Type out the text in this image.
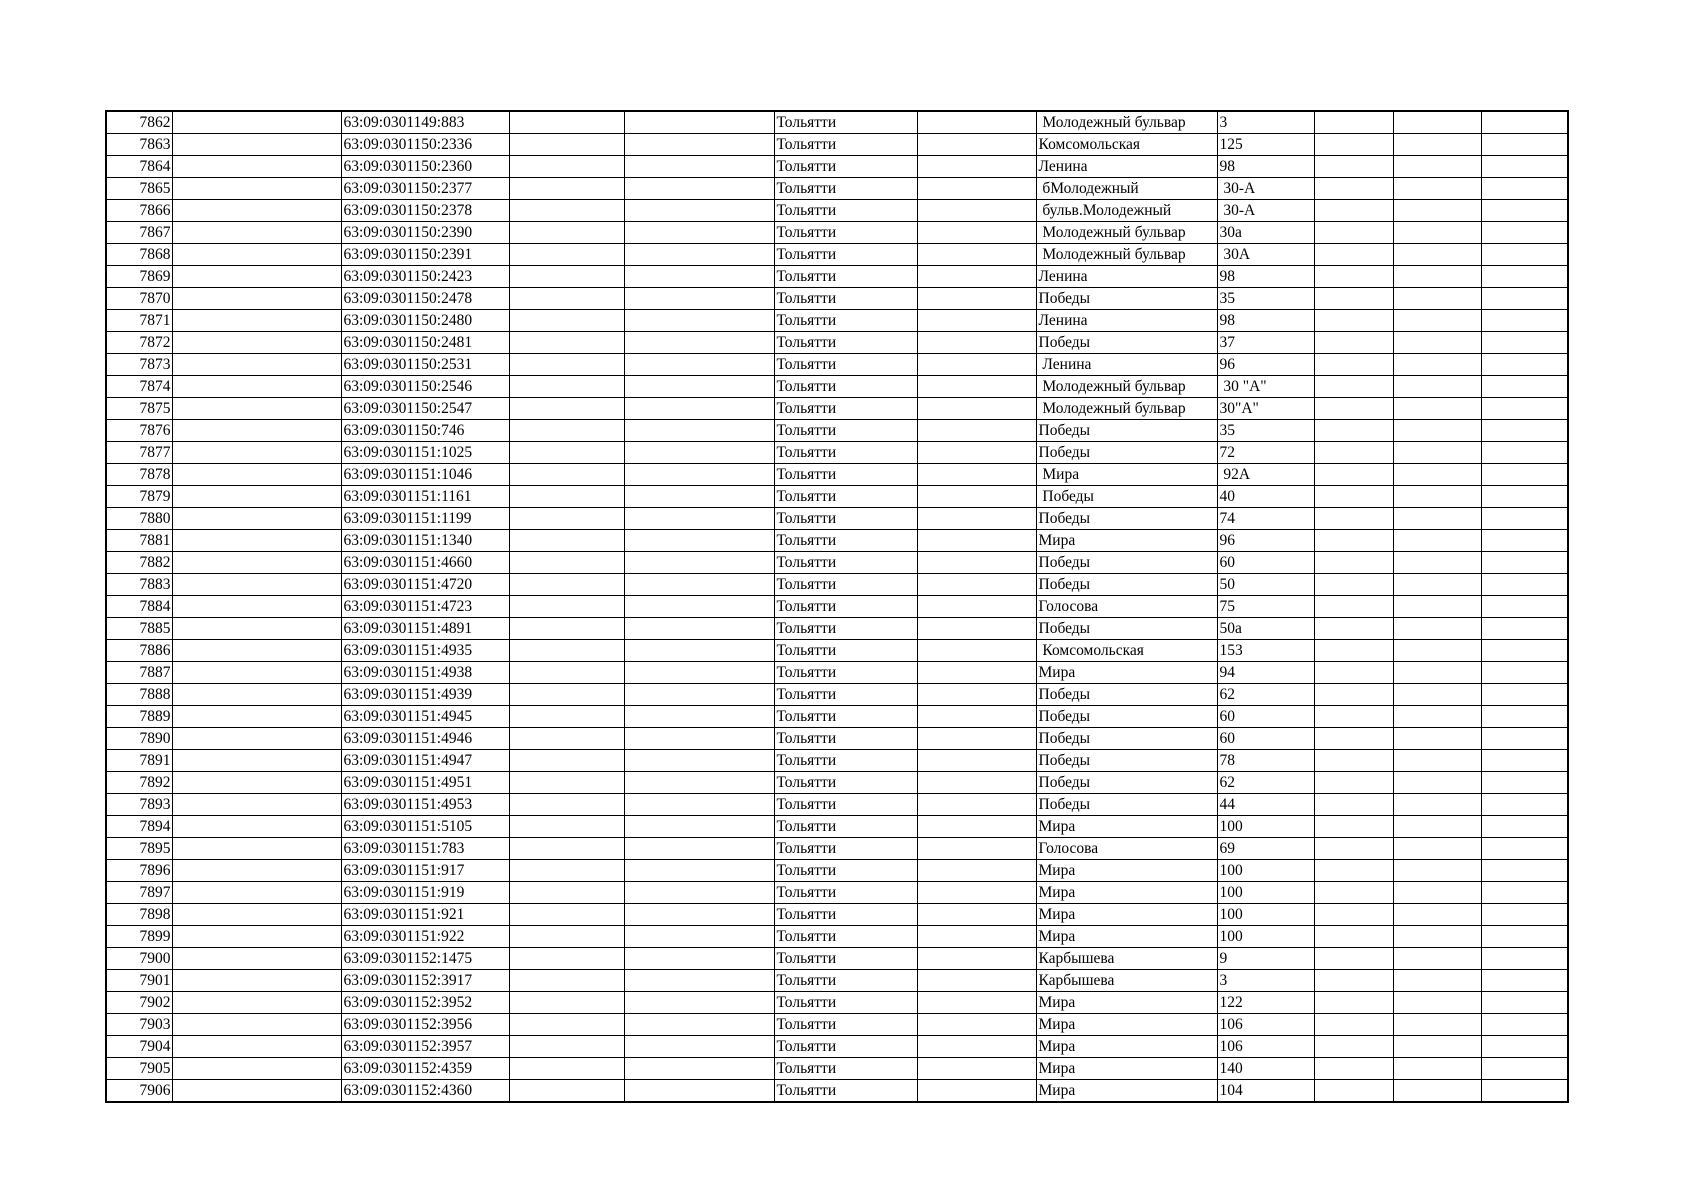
7862		63:09:0301149:883			Тольятти		Молодежный бульвар	3			
7863		63:09:0301150:2336			Тольятти		Комсомольская	125			
7864		63:09:0301150:2360			Тольятти		Ленина	98			
7865		63:09:0301150:2377			Тольятти		бМолодежный	30-А			
7866		63:09:0301150:2378			Тольятти		бульв.Молодежный	30-А			
7867		63:09:0301150:2390			Тольятти		Молодежный бульвар	30а			
7868		63:09:0301150:2391			Тольятти		Молодежный бульвар	30А			
7869		63:09:0301150:2423			Тольятти		Ленина	98			
7870		63:09:0301150:2478			Тольятти		Победы	35			
7871		63:09:0301150:2480			Тольятти		Ленина	98			
7872		63:09:0301150:2481			Тольятти		Победы	37			
7873		63:09:0301150:2531			Тольятти		Ленина	96			
7874		63:09:0301150:2546			Тольятти		Молодежный бульвар	30 "А"			
7875		63:09:0301150:2547			Тольятти		Молодежный бульвар	30"А"			
7876		63:09:0301150:746			Тольятти		Победы	35			
7877		63:09:0301151:1025			Тольятти		Победы	72			
7878		63:09:0301151:1046			Тольятти		Мира	92А			
7879		63:09:0301151:1161			Тольятти		Победы	40			
7880		63:09:0301151:1199			Тольятти		Победы	74			
7881		63:09:0301151:1340			Тольятти		Мира	96			
7882		63:09:0301151:4660			Тольятти		Победы	60			
7883		63:09:0301151:4720			Тольятти		Победы	50			
7884		63:09:0301151:4723			Тольятти		Голосова	75			
7885		63:09:0301151:4891			Тольятти		Победы	50а			
7886		63:09:0301151:4935			Тольятти		Комсомольская	153			
7887		63:09:0301151:4938			Тольятти		Мира	94			
7888		63:09:0301151:4939			Тольятти		Победы	62			
7889		63:09:0301151:4945			Тольятти		Победы	60			
7890		63:09:0301151:4946			Тольятти		Победы	60			
7891		63:09:0301151:4947			Тольятти		Победы	78			
7892		63:09:0301151:4951			Тольятти		Победы	62			
7893		63:09:0301151:4953			Тольятти		Победы	44			
7894		63:09:0301151:5105			Тольятти		Мира	100			
7895		63:09:0301151:783			Тольятти		Голосова	69			
7896		63:09:0301151:917			Тольятти		Мира	100			
7897		63:09:0301151:919			Тольятти		Мира	100			
7898		63:09:0301151:921			Тольятти		Мира	100			
7899		63:09:0301151:922			Тольятти		Мира	100			
7900		63:09:0301152:1475			Тольятти		Карбышева	9			
7901		63:09:0301152:3917			Тольятти		Карбышева	3			
7902		63:09:0301152:3952			Тольятти		Мира	122			
7903		63:09:0301152:3956			Тольятти		Мира	106			
7904		63:09:0301152:3957			Тольятти		Мира	106			
7905		63:09:0301152:4359			Тольятти		Мира	140			
7906		63:09:0301152:4360			Тольятти		Мира	104			
